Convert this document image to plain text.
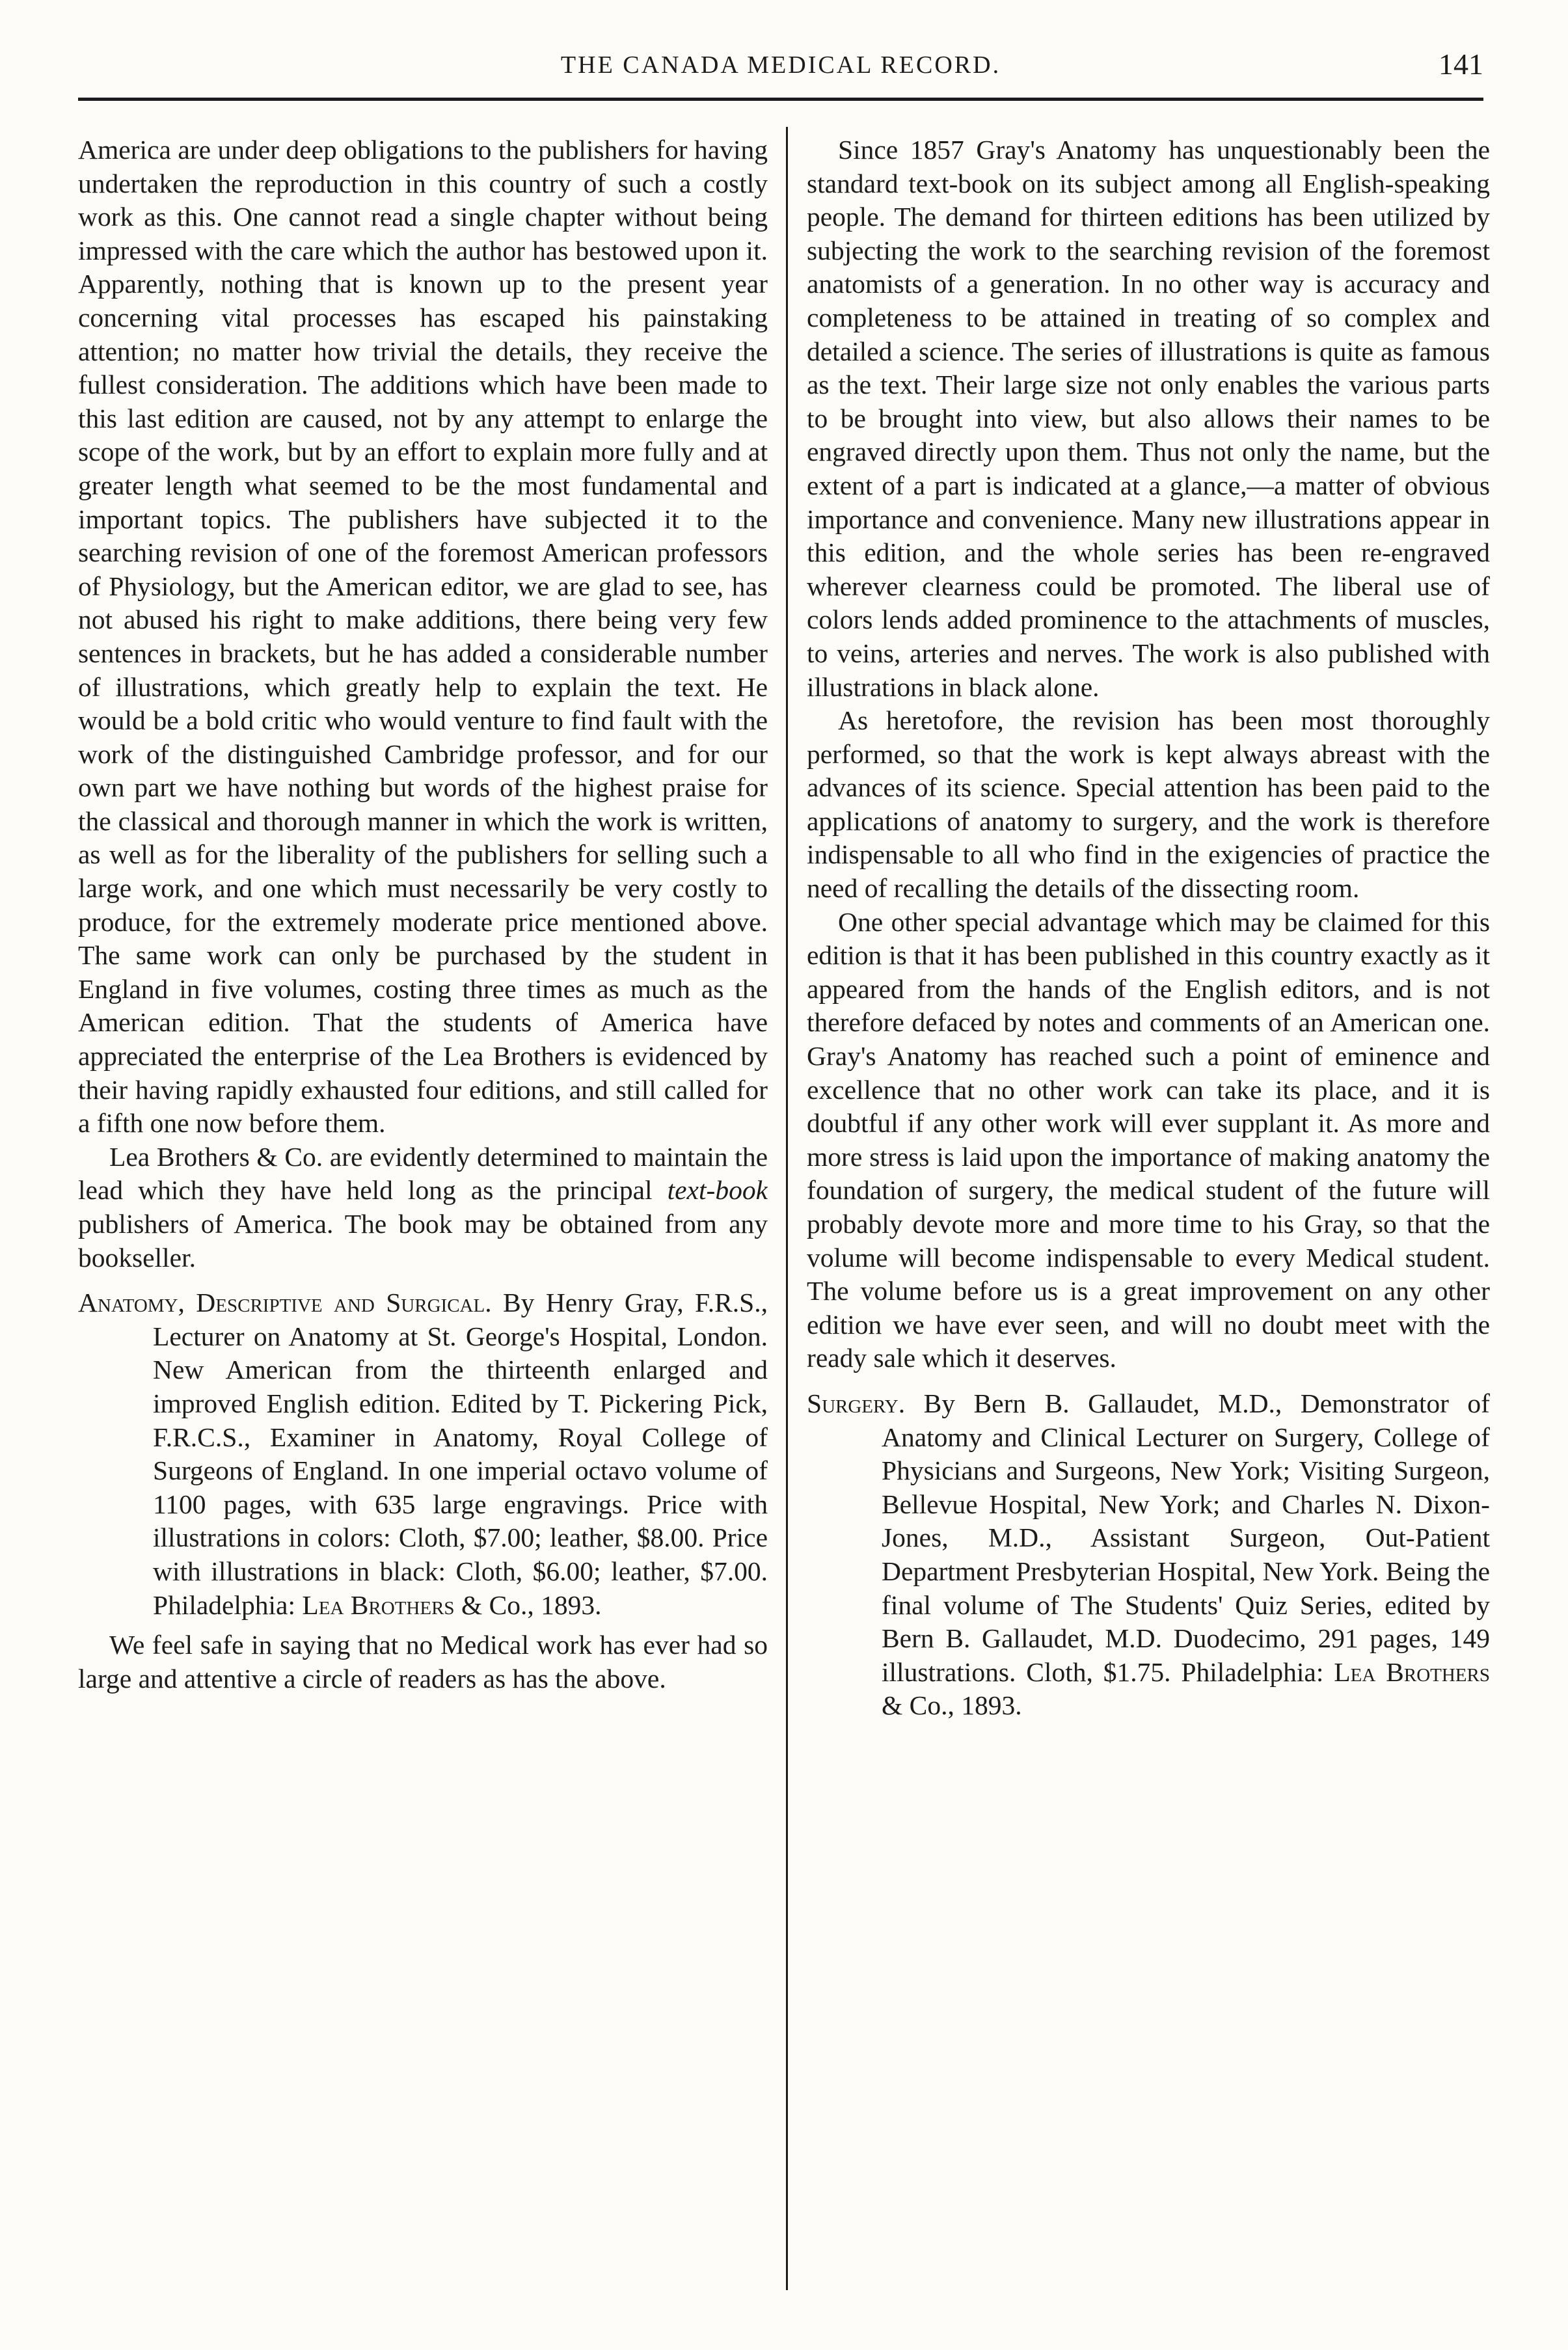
THE CANADA MEDICAL RECORD.	141

America are under deep obligations to the publishers for having undertaken the reproduction in this country of such a costly work as this. One cannot read a single chapter without being impressed with the care which the author has bestowed upon it. Apparently, nothing that is known up to the present year concerning vital processes has escaped his painstaking attention; no matter how trivial the details, they receive the fullest consideration. The additions which have been made to this last edition are caused, not by any attempt to enlarge the scope of the work, but by an effort to explain more fully and at greater length what seemed to be the most fundamental and important topics. The publishers have subjected it to the searching revision of one of the foremost American professors of Physiology, but the American editor, we are glad to see, has not abused his right to make additions, there being very few sentences in brackets, but he has added a considerable number of illustrations, which greatly help to explain the text. He would be a bold critic who would venture to find fault with the work of the distinguished Cambridge professor, and for our own part we have nothing but words of the highest praise for the classical and thorough manner in which the work is written, as well as for the liberality of the publishers for selling such a large work, and one which must necessarily be very costly to produce, for the extremely moderate price mentioned above. The same work can only be purchased by the student in England in five volumes, costing three times as much as the American edition. That the students of America have appreciated the enterprise of the Lea Brothers is evidenced by their having rapidly exhausted four editions, and still called for a fifth one now before them.

Lea Brothers & Co. are evidently determined to maintain the lead which they have held long as the principal text-book publishers of America. The book may be obtained from any bookseller.

Anatomy, Descriptive and Surgical. By Henry Gray, F.R.S., Lecturer on Anatomy at St. George's Hospital, London. New American from the thirteenth enlarged and improved English edition. Edited by T. Pickering Pick, F.R.C.S., Examiner in Anatomy, Royal College of Surgeons of England. In one imperial octavo volume of 1100 pages, with 635 large engravings. Price with illustrations in colors: Cloth, $7.00; leather, $8.00. Price with illustrations in black: Cloth, $6.00; leather, $7.00. Philadelphia: Lea Brothers & Co., 1893.

We feel safe in saying that no Medical work has ever had so large and attentive a circle of readers as has the above.

Since 1857 Gray's Anatomy has unquestionably been the standard text-book on its subject among all English-speaking people. The demand for thirteen editions has been utilized by subjecting the work to the searching revision of the foremost anatomists of a generation. In no other way is accuracy and completeness to be attained in treating of so complex and detailed a science. The series of illustrations is quite as famous as the text. Their large size not only enables the various parts to be brought into view, but also allows their names to be engraved directly upon them. Thus not only the name, but the extent of a part is indicated at a glance,—a matter of obvious importance and convenience. Many new illustrations appear in this edition, and the whole series has been re-engraved wherever clearness could be promoted. The liberal use of colors lends added prominence to the attachments of muscles, to veins, arteries and nerves. The work is also published with illustrations in black alone.

As heretofore, the revision has been most thoroughly performed, so that the work is kept always abreast with the advances of its science. Special attention has been paid to the applications of anatomy to surgery, and the work is therefore indispensable to all who find in the exigencies of practice the need of recalling the details of the dissecting room.

One other special advantage which may be claimed for this edition is that it has been published in this country exactly as it appeared from the hands of the English editors, and is not therefore defaced by notes and comments of an American one. Gray's Anatomy has reached such a point of eminence and excellence that no other work can take its place, and it is doubtful if any other work will ever supplant it. As more and more stress is laid upon the importance of making anatomy the foundation of surgery, the medical student of the future will probably devote more and more time to his Gray, so that the volume will become indispensable to every Medical student. The volume before us is a great improvement on any other edition we have ever seen, and will no doubt meet with the ready sale which it deserves.

Surgery. By Bern B. Gallaudet, M.D., Demonstrator of Anatomy and Clinical Lecturer on Surgery, College of Physicians and Surgeons, New York; Visiting Surgeon, Bellevue Hospital, New York; and Charles N. Dixon-Jones, M.D., Assistant Surgeon, Out-Patient Department Presbyterian Hospital, New York. Being the final volume of The Students' Quiz Series, edited by Bern B. Gallaudet, M.D. Duodecimo, 291 pages, 149 illustrations. Cloth, $1.75. Philadelphia: Lea Brothers & Co., 1893.
